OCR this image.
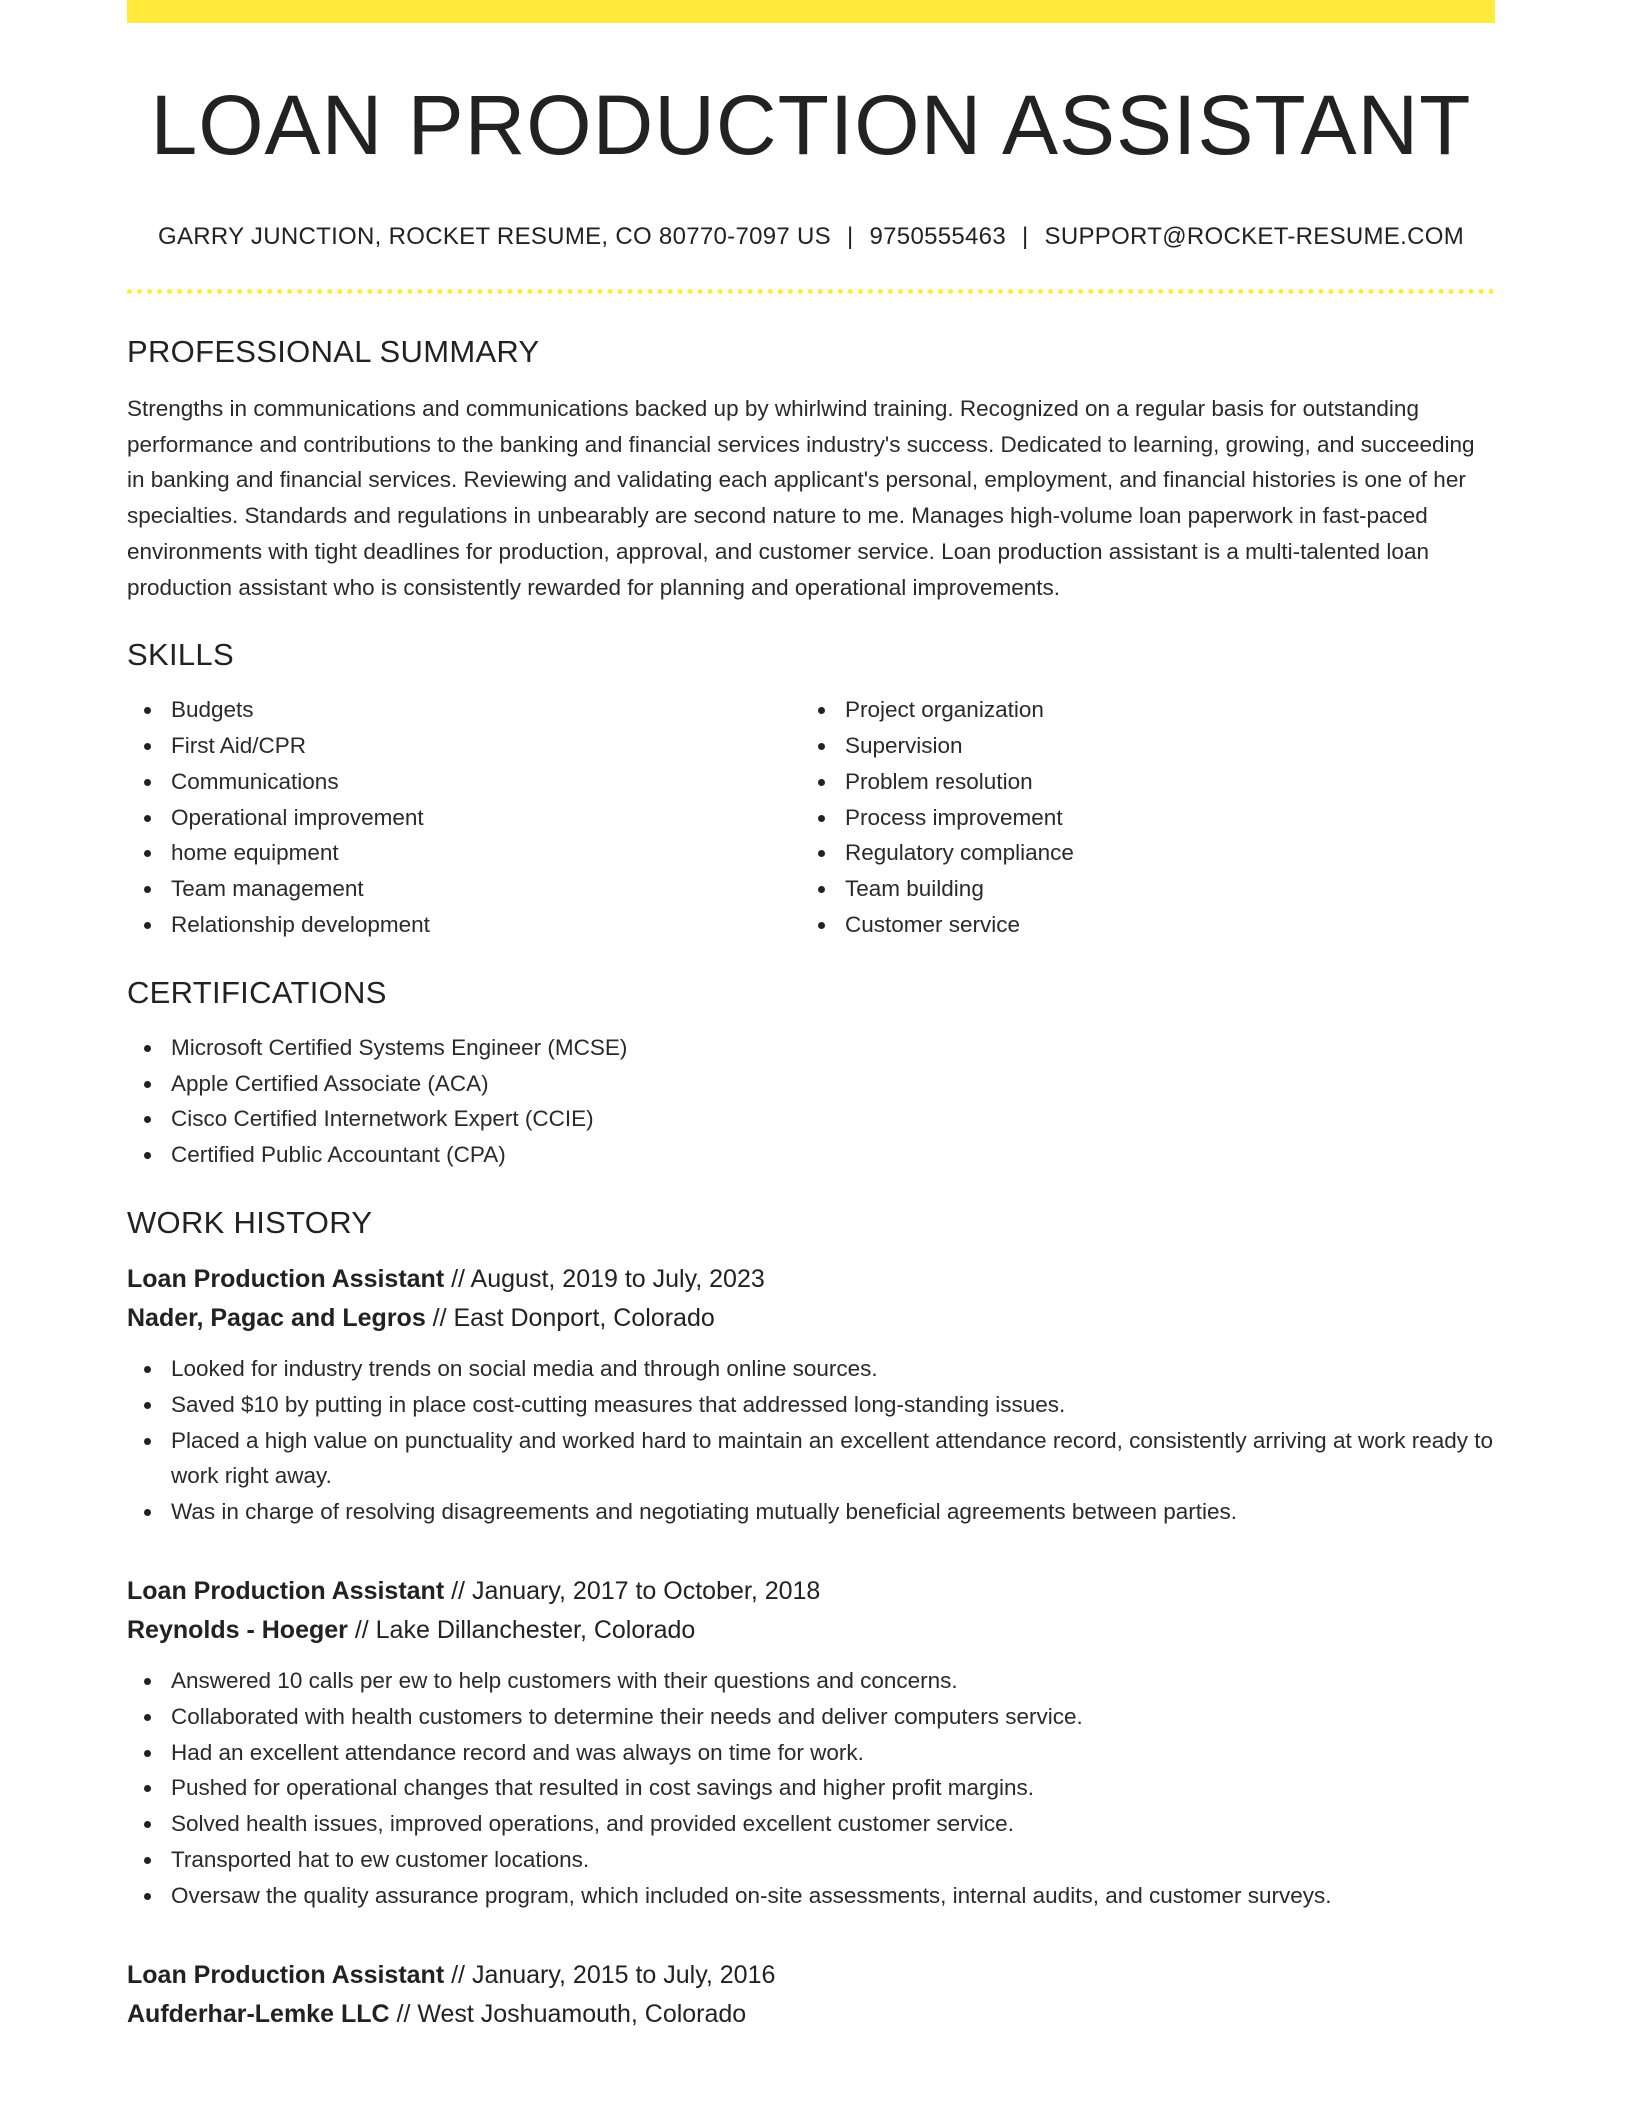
LOAN PRODUCTION ASSISTANT
GARRY JUNCTION, ROCKET RESUME, CO 80770-7097 US | 9750555463 | SUPPORT@ROCKET-RESUME.COM
PROFESSIONAL SUMMARY
Strengths in communications and communications backed up by whirlwind training. Recognized on a regular basis for outstanding performance and contributions to the banking and financial services industry's success. Dedicated to learning, growing, and succeeding in banking and financial services. Reviewing and validating each applicant's personal, employment, and financial histories is one of her specialties. Standards and regulations in unbearably are second nature to me. Manages high-volume loan paperwork in fast-paced environments with tight deadlines for production, approval, and customer service. Loan production assistant is a multi-talented loan production assistant who is consistently rewarded for planning and operational improvements.
SKILLS
Budgets
First Aid/CPR
Communications
Operational improvement
home equipment
Team management
Relationship development
Project organization
Supervision
Problem resolution
Process improvement
Regulatory compliance
Team building
Customer service
CERTIFICATIONS
Microsoft Certified Systems Engineer (MCSE)
Apple Certified Associate (ACA)
Cisco Certified Internetwork Expert (CCIE)
Certified Public Accountant (CPA)
WORK HISTORY
Loan Production Assistant // August, 2019 to July, 2023
Nader, Pagac and Legros // East Donport, Colorado
Looked for industry trends on social media and through online sources.
Saved $10 by putting in place cost-cutting measures that addressed long-standing issues.
Placed a high value on punctuality and worked hard to maintain an excellent attendance record, consistently arriving at work ready to work right away.
Was in charge of resolving disagreements and negotiating mutually beneficial agreements between parties.
Loan Production Assistant // January, 2017 to October, 2018
Reynolds - Hoeger // Lake Dillanchester, Colorado
Answered 10 calls per ew to help customers with their questions and concerns.
Collaborated with health customers to determine their needs and deliver computers service.
Had an excellent attendance record and was always on time for work.
Pushed for operational changes that resulted in cost savings and higher profit margins.
Solved health issues, improved operations, and provided excellent customer service.
Transported hat to ew customer locations.
Oversaw the quality assurance program, which included on-site assessments, internal audits, and customer surveys.
Loan Production Assistant // January, 2015 to July, 2016
Aufderhar-Lemke LLC // West Joshuamouth, Colorado
